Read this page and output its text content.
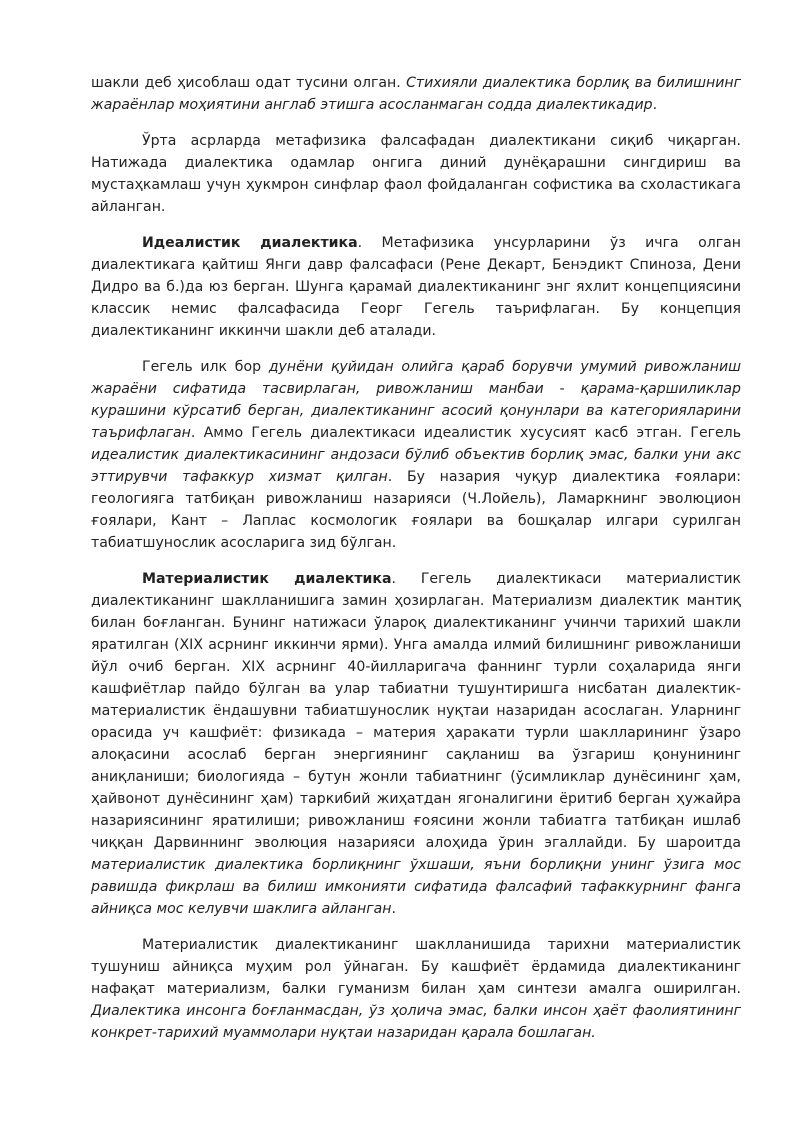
шакли деб ҳисоблаш одат тусини олган. Стихияли диалектика борлиқ ва билишнинг жараёнлар моҳиятини англаб этишга асосланмаган содда диалектикадир.

Ўрта асрларда метафизика фалсафадан диалектикани сиқиб чиқарган. Натижада диалектика одамлар онгига диний дунёқарашни сингдириш ва мустаҳкамлаш учун ҳукмрон синфлар фаол фойдаланган софистика ва схоластикага айланган.

Идеалистик диалектика. Метафизика унсурларини ўз ичга олган диалектикага қайтиш Янги давр фалсафаси (Рене Декарт, Бенэдикт Спиноза, Дени Дидро ва б.)да юз берган. Шунга қарамай диалектиканинг энг яхлит концепциясини классик немис фалсафасида Георг Гегель таърифлаган. Бу концепция диалектиканинг иккинчи шакли деб аталади.

Гегель илк бор дунёни қуйидан олийга қараб борувчи умумий ривожланиш жараёни сифатида тасвирлаган, ривожланиш манбаи - қарама-қаршиликлар курашини кўрсатиб берган, диалектиканинг асосий қонунлари ва категорияларини таърифлаган. Аммо Гегель диалектикаси идеалистик хусусият касб этган. Гегель идеалистик диалектикасининг андозаси бўлиб объектив борлиқ эмас, балки уни акс эттирувчи тафаккур хизмат қилган. Бу назария чуқур диалектика ғоялари: геологияга татбиқан ривожланиш назарияси (Ч.Лойель), Ламаркнинг эволюцион ғоялари, Кант – Лаплас космологик ғоялари ва бошқалар илгари сурилган табиатшунослик асосларига зид бўлган.

Материалистик диалектика. Гегель диалектикаси материалистик диалектиканинг шаклланишига замин ҳозирлаган. Материализм диалектик мантиқ билан боғланган. Бунинг натижаси ўлароқ диалектиканинг учинчи тарихий шакли яратилган (XIX асрнинг иккинчи ярми). Унга амалда илмий билишнинг ривожланиши йўл очиб берган. XIX асрнинг 40-йилларигача фаннинг турли соҳаларида янги кашфиётлар пайдо бўлган ва улар табиатни тушунтиришга нисбатан диалектик-материалистик ёндашувни табиатшунослик нуқтаи назаридан асослаган. Уларнинг орасида уч кашфиёт: физикада – материя ҳаракати турли шаклларининг ўзаро алоқасини асослаб берган энергиянинг сақланиш ва ўзгариш қонунининг аниқланиши; биологияда – бутун жонли табиатнинг (ўсимликлар дунёсининг ҳам, ҳайвонот дунёсининг ҳам) таркибий жиҳатдан ягоналигини ёритиб берган ҳужайра назариясининг яратилиши; ривожланиш ғоясини жонли табиатга татбиқан ишлаб чиққан Дарвиннинг эволюция назарияси алоҳида ўрин эгаллайди. Бу шароитда материалистик диалектика борлиқнинг ўхшаши, яъни борлиқни унинг ўзига мос равишда фикрлаш ва билиш имконияти сифатида фалсафий тафаккурнинг фанга айниқса мос келувчи шаклига айланган.

Материалистик диалектиканинг шаклланишида тарихни материалистик тушуниш айниқса муҳим рол ўйнаган. Бу кашфиёт ёрдамида диалектиканинг нафақат материализм, балки гуманизм билан ҳам синтези амалга оширилган. Диалектика инсонга боғланмасдан, ўз ҳолича эмас, балки инсон ҳаёт фаолиятининг конкрет-тарихий муаммолари нуқтаи назаридан қарала бошлаган.
